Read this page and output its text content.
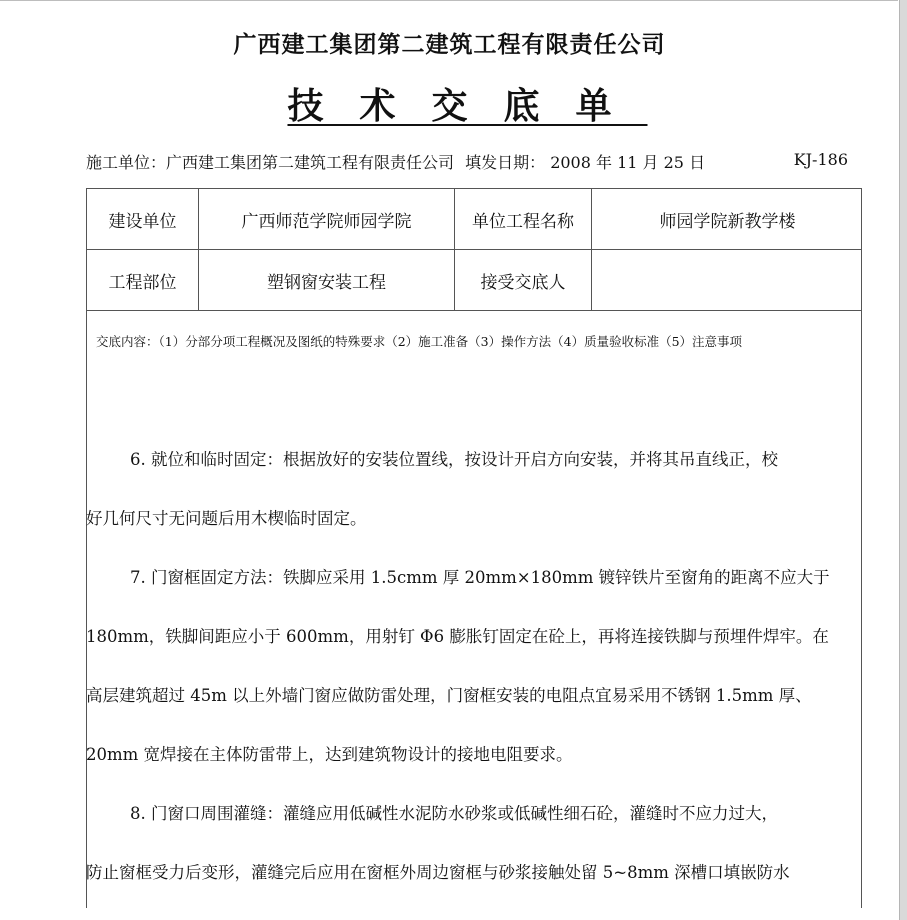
广西建工集团第二建筑工程有限责任公司
技术交底单
施工单位：广西建工集团第二建筑工程有限责任公司 填发日期： 2008 年 11 月 25 日	KJ-186
建设单位	广西师范学院师园学院	单位工程名称	师园学院新教学楼
工程部位	塑钢窗安装工程	接受交底人
交底内容：（1）分部分项工程概况及图纸的特殊要求（2）施工准备（3）操作方法（4）质量验收标准（5）注意事项

6. 就位和临时固定：根据放好的安装位置线，按设计开启方向安装，并将其吊直线正，校

好几何尺寸无问题后用木楔临时固定。

7. 门窗框固定方法：铁脚应采用 1.5cmm 厚 20mm×180mm 镀锌铁片至窗角的距离不应大于

180mm，铁脚间距应小于 600mm，用射钉 Φ6 膨胀钉固定在砼上，再将连接铁脚与预埋件焊牢。在

高层建筑超过 45m 以上外墙门窗应做防雷处理，门窗框安装的电阻点宜易采用不锈钢 1.5mm 厚、

20mm 宽焊接在主体防雷带上，达到建筑物设计的接地电阻要求。

8. 门窗口周围灌缝：灌缝应用低碱性水泥防水砂浆或低碱性细石砼，灌缝时不应力过大，

防止窗框受力后变形，灌缝完后应用在窗框外周边窗框与砂浆接触处留 5~8mm 深槽口填嵌防水
